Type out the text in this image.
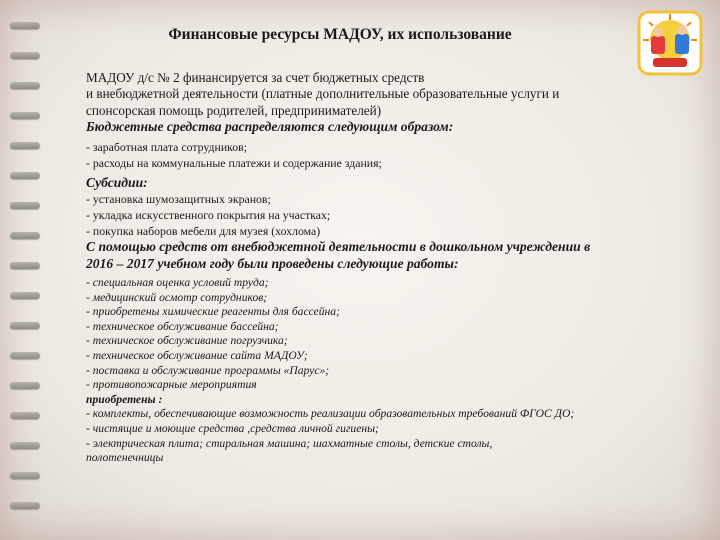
Финансовые ресурсы МАДОУ, их использование

МАДОУ д/с № 2 финансируется за счет бюджетных средств

и внебюджетной деятельности (платные дополнительные образовательные услуги и

спонсорская помощь родителей, предпринимателей)

Бюджетные средства распределяются следующим образом:

- заработная плата сотрудников;

- расходы на коммунальные платежи и содержание здания;

Субсидии:

- установка шумозащитных экранов;

- укладка искусственного покрытия на участках;

- покупка наборов мебели для музея (хохлома)

С помощью средств от внебюджетной деятельности в дошкольном учреждении в

2016 – 2017 учебном году были проведены следующие работы:

- специальная оценка условий труда;

- медицинский осмотр сотрудников;

- приобретены химические реагенты для бассейна;

- техническое обслуживание бассейна;

- техническое обслуживание погрузчика;

- техническое обслуживание сайта МАДОУ;

- поставка и обслуживание программы «Парус»;

- противопожарные мероприятия

приобретены :

- комплекты, обеспечивающие возможность реализации образовательных требований ФГОС ДО;

- чистящие и моющие средства ,средства личной гигиены;

- электрическая плита; стиральная машина; шахматные столы, детские столы,

полотенечницы
